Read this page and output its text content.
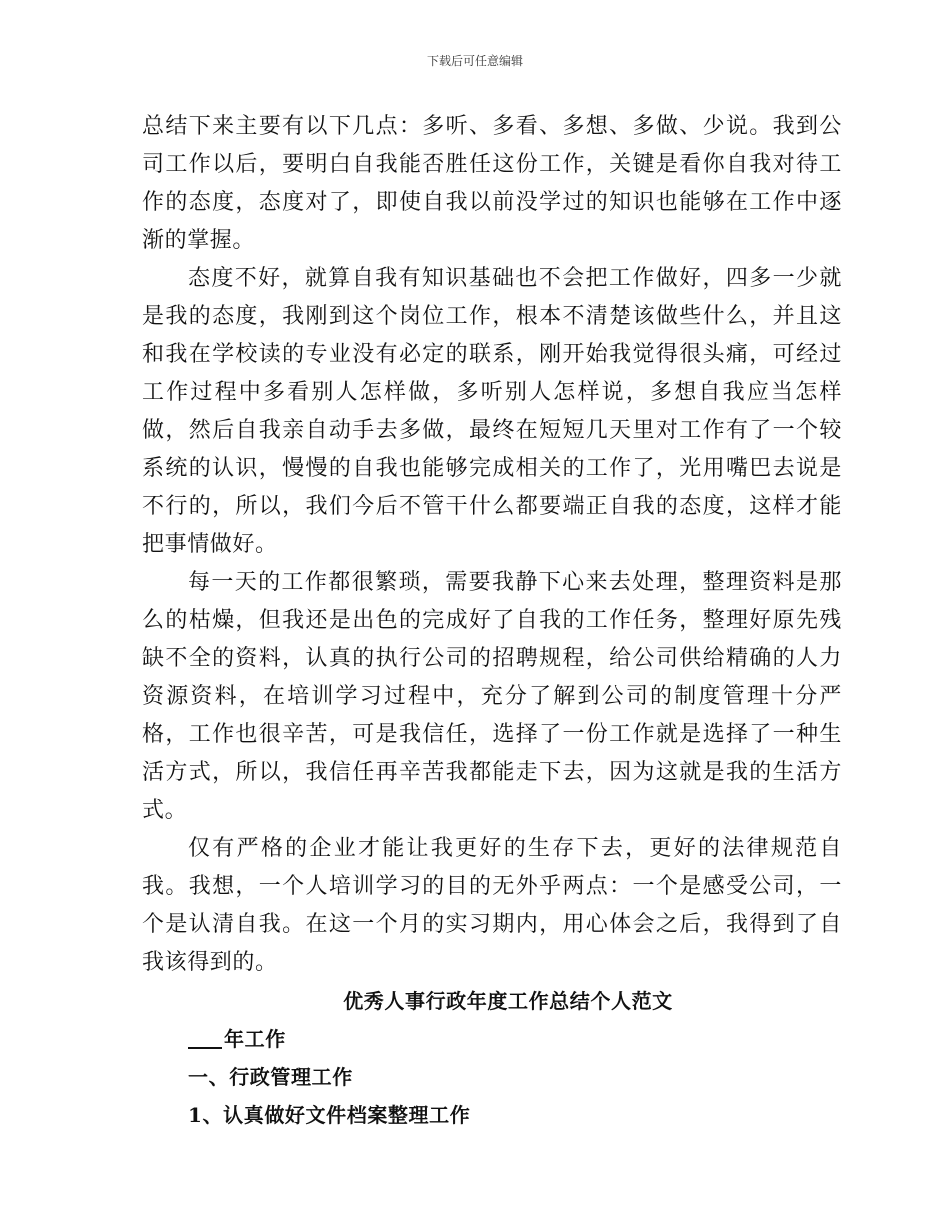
下载后可任意编辑

总结下来主要有以下几点：多听、多看、多想、多做、少说。我到公司工作以后，要明白自我能否胜任这份工作，关键是看你自我对待工作的态度，态度对了，即使自我以前没学过的知识也能够在工作中逐渐的掌握。

态度不好，就算自我有知识基础也不会把工作做好，四多一少就是我的态度，我刚到这个岗位工作，根本不清楚该做些什么，并且这和我在学校读的专业没有必定的联系，刚开始我觉得很头痛，可经过工作过程中多看别人怎样做，多听别人怎样说，多想自我应当怎样做，然后自我亲自动手去多做，最终在短短几天里对工作有了一个较系统的认识，慢慢的自我也能够完成相关的工作了，光用嘴巴去说是不行的，所以，我们今后不管干什么都要端正自我的态度，这样才能把事情做好。

每一天的工作都很繁琐，需要我静下心来去处理，整理资料是那么的枯燥，但我还是出色的完成好了自我的工作任务，整理好原先残缺不全的资料，认真的执行公司的招聘规程，给公司供给精确的人力资源资料，在培训学习过程中，充分了解到公司的制度管理十分严格，工作也很辛苦，可是我信任，选择了一份工作就是选择了一种生活方式，所以，我信任再辛苦我都能走下去，因为这就是我的生活方式。

仅有严格的企业才能让我更好的生存下去，更好的法律规范自我。我想，一个人培训学习的目的无外乎两点：一个是感受公司，一个是认清自我。在这一个月的实习期内，用心体会之后，我得到了自我该得到的。

优秀人事行政年度工作总结个人范文

年工作

一、行政管理工作

1、认真做好文件档案整理工作
